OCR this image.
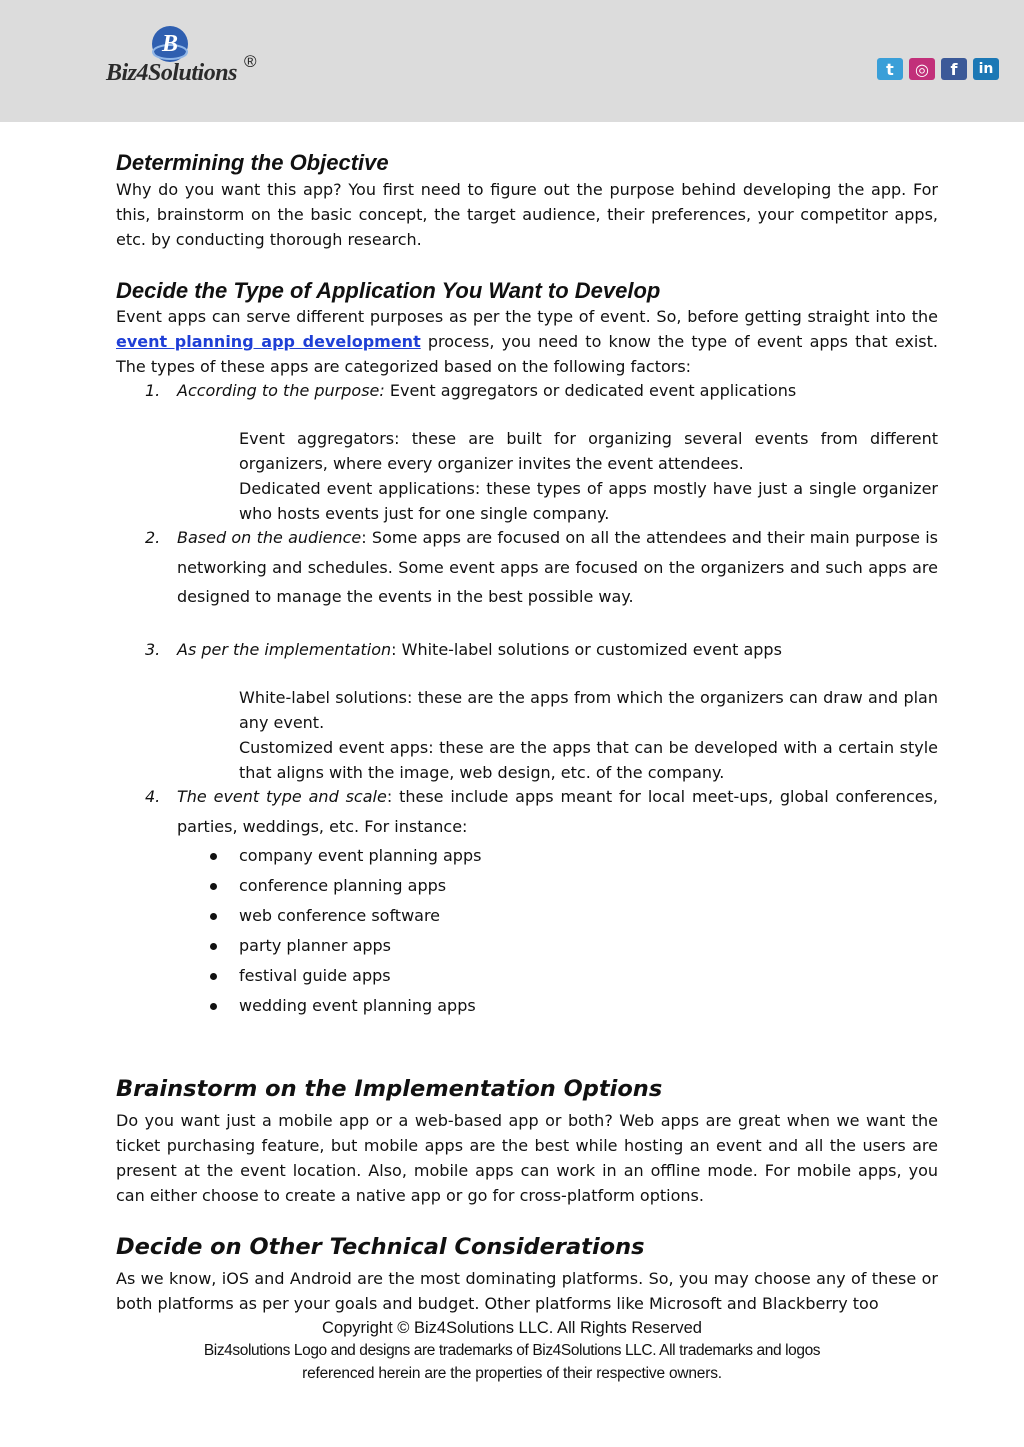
B
Biz4Solutions ®	t	◎	f	in
Determining the Objective
Why do you want this app? You first need to figure out the purpose behind developing the app. For this, brainstorm on the basic concept, the target audience, their preferences, your competitor apps, etc. by conducting thorough research.
Decide the Type of Application You Want to Develop
Event apps can serve different purposes as per the type of event. So, before getting straight into the event planning app development process, you need to know the type of event apps that exist. The types of these apps are categorized based on the following factors:
1. According to the purpose: Event aggregators or dedicated event applications
Event aggregators: these are built for organizing several events from different organizers, where every organizer invites the event attendees.
Dedicated event applications: these types of apps mostly have just a single organizer who hosts events just for one single company.
2. Based on the audience: Some apps are focused on all the attendees and their main purpose is networking and schedules. Some event apps are focused on the organizers and such apps are designed to manage the events in the best possible way.
3. As per the implementation: White-label solutions or customized event apps
White-label solutions: these are the apps from which the organizers can draw and plan any event.
Customized event apps: these are the apps that can be developed with a certain style that aligns with the image, web design, etc. of the company.
4. The event type and scale: these include apps meant for local meet-ups, global conferences, parties, weddings, etc. For instance:
company event planning apps
conference planning apps
web conference software
party planner apps
festival guide apps
wedding event planning apps
Brainstorm on the Implementation Options
Do you want just a mobile app or a web-based app or both? Web apps are great when we want the ticket purchasing feature, but mobile apps are the best while hosting an event and all the users are present at the event location. Also, mobile apps can work in an offline mode. For mobile apps, you can either choose to create a native app or go for cross-platform options.
Decide on Other Technical Considerations
As we know, iOS and Android are the most dominating platforms. So, you may choose any of these or both platforms as per your goals and budget. Other platforms like Microsoft and Blackberry too
Copyright © Biz4Solutions LLC. All Rights Reserved
Biz4solutions Logo and designs are trademarks of Biz4Solutions LLC. All trademarks and logos
referenced herein are the properties of their respective owners.
